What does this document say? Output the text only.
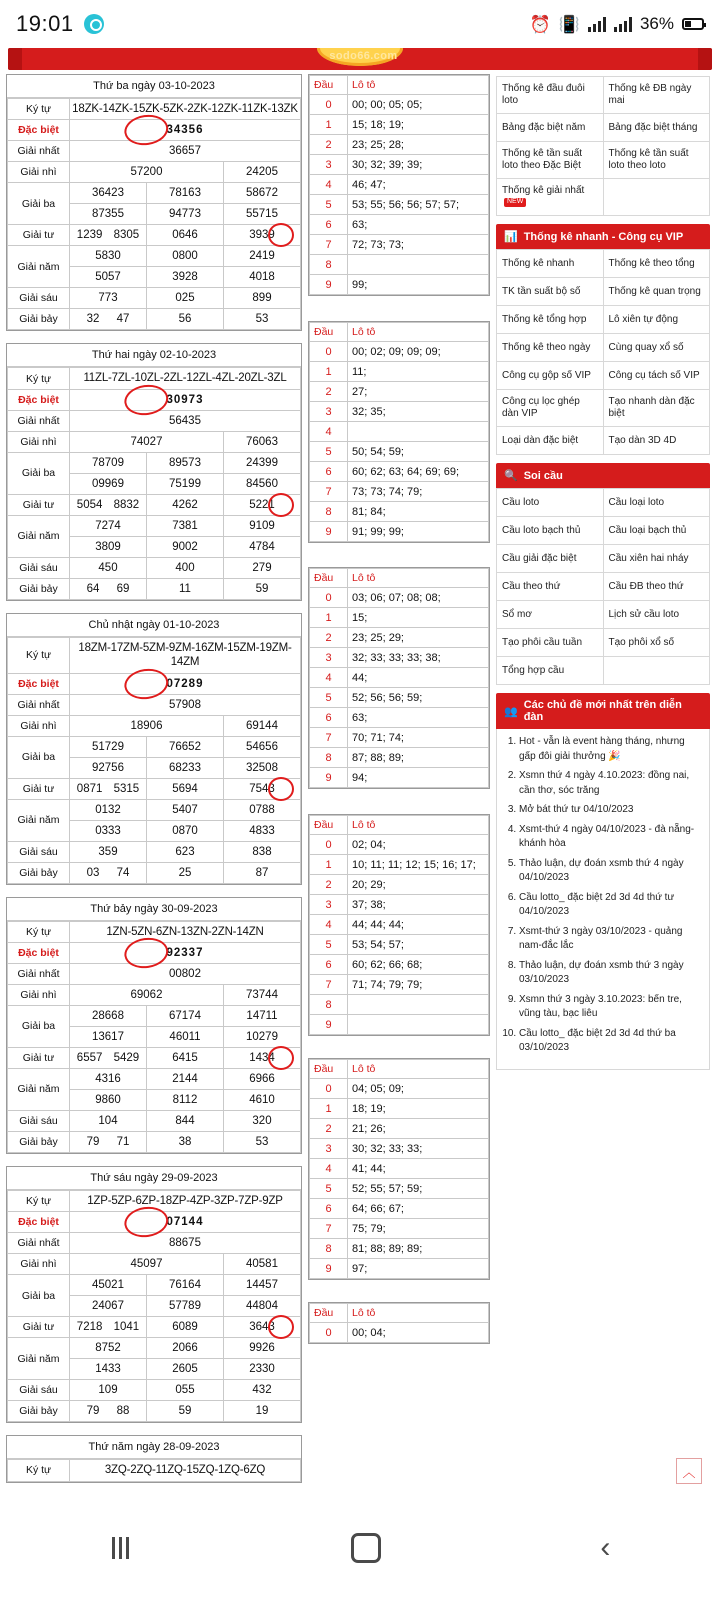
19:01	⏰ 📳	36%
sodo66.com
Thứ ba ngày 03-10-2023
Ký tự	18ZK-14ZK-15ZK-5ZK-2ZK-12ZK-11ZK-13ZK		
Đặc biệt	34356		

Giải nhất	36657		
Giải nhì	57200		24205
Giải ba	36423	78163	58672
	87355	94773	55715
Giải tư	1239 8305	0646	3939

Giải năm	5830	0800	2419
	5057	3928	4018
Giải sáu	773	025	899
Giải bảy	32 47	56	53
Thứ hai ngày 02-10-2023
Ký tự	11ZL-7ZL-10ZL-2ZL-12ZL-4ZL-20ZL-3ZL		
Đặc biệt	30973		

Giải nhất	56435		
Giải nhì	74027		76063
Giải ba	78709	89573	24399
	09969	75199	84560
Giải tư	5054 8832	4262	5221

Giải năm	7274	7381	9109
	3809	9002	4784
Giải sáu	450	400	279
Giải bảy	64 69	11	59
Chủ nhật ngày 01-10-2023
Ký tự	18ZM-17ZM-5ZM-9ZM-16ZM-15ZM-19ZM-14ZM		
Đặc biệt	07289		

Giải nhất	57908		
Giải nhì	18906		69144
Giải ba	51729	76652	54656
	92756	68233	32508
Giải tư	0871 5315	5694	7543

Giải năm	0132	5407	0788
	0333	0870	4833
Giải sáu	359	623	838
Giải bảy	03 74	25	87
Thứ bảy ngày 30-09-2023
Ký tự	1ZN-5ZN-6ZN-13ZN-2ZN-14ZN		
Đặc biệt	92337		

Giải nhất	00802		
Giải nhì	69062		73744
Giải ba	28668	67174	14711
	13617	46011	10279
Giải tư	6557 5429	6415	1434

Giải năm	4316	2144	6966
	9860	8112	4610
Giải sáu	104	844	320
Giải bảy	79 71	38	53
Thứ sáu ngày 29-09-2023
Ký tự	1ZP-5ZP-6ZP-18ZP-4ZP-3ZP-7ZP-9ZP		
Đặc biệt	07144		

Giải nhất	88675		
Giải nhì	45097		40581
Giải ba	45021	76164	14457
	24067	57789	44804
Giải tư	7218 1041	6089	3643

Giải năm	8752	2066	9926
	1433	2605	2330
Giải sáu	109	055	432
Giải bảy	79 88	59	19
Thứ năm ngày 28-09-2023
Ký tự	3ZQ-2ZQ-11ZQ-15ZQ-1ZQ-6ZQ
Đầu	Lô tô
0	00; 00; 05; 05;
1	15; 18; 19;
2	23; 25; 28;
3	30; 32; 39; 39;
4	46; 47;
5	53; 55; 56; 56; 57; 57;
6	63;
7	72; 73; 73;
8	
9	99;
Đầu	Lô tô
0	00; 02; 09; 09; 09;
1	11;
2	27;
3	32; 35;
4	
5	50; 54; 59;
6	60; 62; 63; 64; 69; 69;
7	73; 73; 74; 79;
8	81; 84;
9	91; 99; 99;
Đầu	Lô tô
0	03; 06; 07; 08; 08;
1	15;
2	23; 25; 29;
3	32; 33; 33; 33; 38;
4	44;
5	52; 56; 56; 59;
6	63;
7	70; 71; 74;
8	87; 88; 89;
9	94;
Đầu	Lô tô
0	02; 04;
1	10; 11; 11; 12; 15; 16; 17;
2	20; 29;
3	37; 38;
4	44; 44; 44;
5	53; 54; 57;
6	60; 62; 66; 68;
7	71; 74; 79; 79;
8	
9	
Đầu	Lô tô
0	04; 05; 09;
1	18; 19;
2	21; 26;
3	30; 32; 33; 33;
4	41; 44;
5	52; 55; 57; 59;
6	64; 66; 67;
7	75; 79;
8	81; 88; 89; 89;
9	97;
Đầu	Lô tô
0	00; 04;
Thống kê đầu đuôi loto	Thống kê ĐB ngày mai
Bảng đặc biệt năm	Bảng đặc biệt tháng
Thống kê tần suất loto theo Đặc Biệt	Thống kê tần suất loto theo loto
Thống kê giải nhấtNEW	
📊 Thống kê nhanh - Công cụ VIP
Thống kê nhanh	Thống kê theo tổng
TK tần suất bộ số	Thống kê quan trọng
Thống kê tổng hợp	Lô xiên tự động
Thống kê theo ngày	Cùng quay xổ số
Công cụ gộp số VIP	Công cụ tách số VIP
Công cụ lọc ghép dàn VIP	Tạo nhanh dàn đặc biệt
Loại dàn đặc biệt	Tạo dàn 3D 4D
🔍 Soi cầu
Cầu loto	Cầu loại loto
Cầu loto bạch thủ	Cầu loại bạch thủ
Cầu giải đặc biệt	Cầu xiên hai nháy
Cầu theo thứ	Cầu ĐB theo thứ
Sổ mơ	Lịch sử cầu loto
Tạo phôi cầu tuần	Tạo phôi xổ số
Tổng hợp cầu	
👥
Các chủ đề mới nhất trên diễn đàn
1. Hot - vẫn là event hàng tháng, nhưng gấp đôi giải thưởng 🎉
2. Xsmn thứ 4 ngày 4.10.2023: đồng nai, cần thơ, sóc trăng
3. Mở bát thứ tư 04/10/2023
4. Xsmt-thứ 4 ngày 04/10/2023 - đà nẵng-khánh hòa
5. Thảo luận, dự đoán xsmb thứ 4 ngày 04/10/2023
6. Cầu lotto_ đặc biệt 2d 3d 4d thứ tư 04/10/2023
7. Xsmt-thứ 3 ngày 03/10/2023 - quảng nam-đắc lắc
8. Thảo luận, dự đoán xsmb thứ 3 ngày 03/10/2023
9. Xsmn thứ 3 ngày 3.10.2023: bến tre, vũng tàu, bạc liêu
10. Cầu lotto_ đặc biệt 2d 3d 4d thứ ba 03/10/2023
︿
‹
